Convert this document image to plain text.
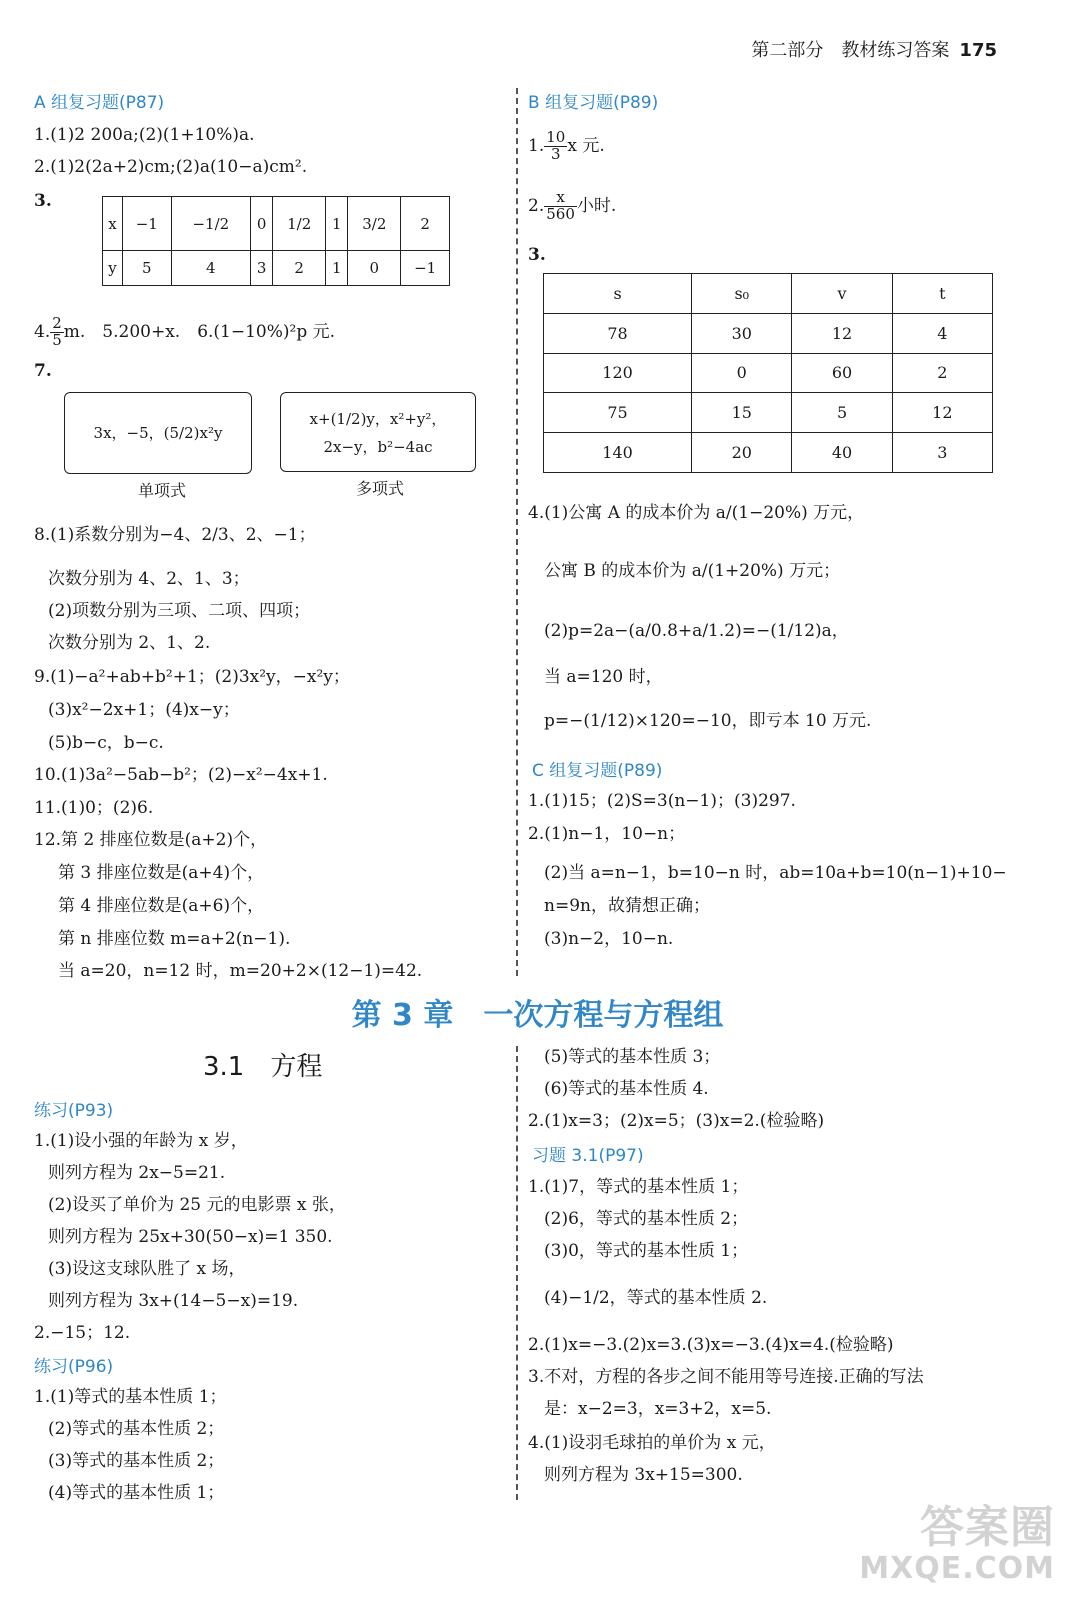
第二部分　教材练习答案 175
A 组复习题(P87)
1.(1)2 200a;(2)(1+10%)a.
2.(1)2(2a+2)cm;(2)a(10−a)cm².
3.
x	−1	−1/2	0	1/2	1	3/2	2
y	5	4	3	2	1	0	−1
4. $\frac{2}{5} m$.　5.200+x.　6.(1−10%)²p 元.
7.
3x，−5，(5/2)x²y
x+(1/2)y，x²+y²，
2x−y，b²−4ac
单项式	多项式
8.(1)系数分别为−4、2/3、2、−1；
次数分别为 4、2、1、3；
(2)项数分别为三项、二项、四项；
次数分别为 2、1、2.
9.(1)−a²+ab+b²+1；(2)3x²y，−x²y；
(3)x²−2x+1；(4)x−y；
(5)b−c，b−c.
10.(1)3a²−5ab−b²；(2)−x²−4x+1.
11.(1)0；(2)6.
12.第 2 排座位数是(a+2)个，
第 3 排座位数是(a+4)个，
第 4 排座位数是(a+6)个，
第 n 排座位数 m=a+2(n−1).
当 a=20，n=12 时，m=20+2×(12−1)=42.
B 组复习题(P89)
1. $\frac{10}{3}$ x 元.
2. $\frac{x}{560}$ 小时.
3.
s	s₀	v	t
78	30	12	4
120	0	60	2
75	15	5	12
140	20	40	3
4.(1)公寓 A 的成本价为 a/(1−20%) 万元，
公寓 B 的成本价为 a/(1+20%) 万元；
(2)p=2a−(a/0.8+a/1.2)=−(1/12)a，
当 a=120 时，
p=−(1/12)×120=−10，即亏本 10 万元.
C 组复习题(P89)
1.(1)15；(2)S=3(n−1)；(3)297.
2.(1)n−1，10−n；
(2)当 a=n−1，b=10−n 时，ab=10a+b=10(n−1)+10−
n=9n，故猜想正确；
(3)n−2，10−n.
第 3 章　一次方程与方程组
3.1　方程
练习(P93)
1.(1)设小强的年龄为 x 岁，
则列方程为 2x−5=21.
(2)设买了单价为 25 元的电影票 x 张，
则列方程为 25x+30(50−x)=1 350.
(3)设这支球队胜了 x 场，
则列方程为 3x+(14−5−x)=19.
2.−15；12.
练习(P96)
1.(1)等式的基本性质 1；
(2)等式的基本性质 2；
(3)等式的基本性质 2；
(4)等式的基本性质 1；
(5)等式的基本性质 3；
(6)等式的基本性质 4.
2.(1)x=3；(2)x=5；(3)x=2.(检验略)
习题 3.1(P97)
1.(1)7，等式的基本性质 1；
(2)6，等式的基本性质 2；
(3)0，等式的基本性质 1；
(4)−1/2，等式的基本性质 2.
2.(1)x=−3.(2)x=3.(3)x=−3.(4)x=4.(检验略)
3.不对，方程的各步之间不能用等号连接.正确的写法
是：x−2=3，x=3+2，x=5.
4.(1)设羽毛球拍的单价为 x 元，
则列方程为 3x+15=300.
答案圈
MXQE.COM
